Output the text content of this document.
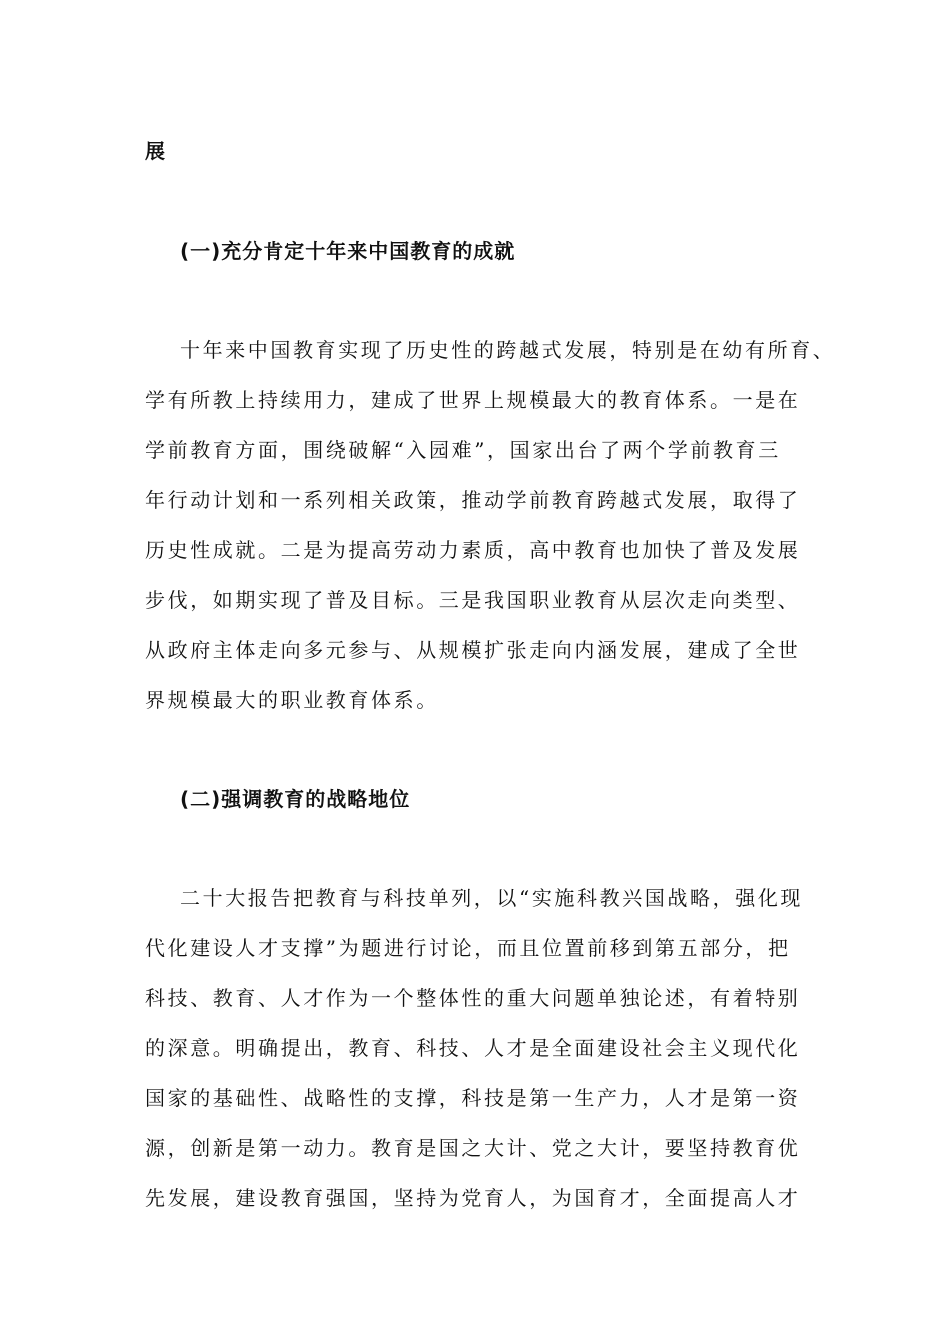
展
(一)充分肯定十年来中国教育的成就
十年来中国教育实现了历史性的跨越式发展，特别是在幼有所育、
学有所教上持续用力，建成了世界上规模最大的教育体系。一是在
学前教育方面，围绕破解“入园难”，国家出台了两个学前教育三
年行动计划和一系列相关政策，推动学前教育跨越式发展，取得了
历史性成就。二是为提高劳动力素质，高中教育也加快了普及发展
步伐，如期实现了普及目标。三是我国职业教育从层次走向类型、
从政府主体走向多元参与、从规模扩张走向内涵发展，建成了全世
界规模最大的职业教育体系。
(二)强调教育的战略地位
二十大报告把教育与科技单列，以“实施科教兴国战略，强化现
代化建设人才支撑”为题进行讨论，而且位置前移到第五部分，把
科技、教育、人才作为一个整体性的重大问题单独论述，有着特别
的深意。明确提出，教育、科技、人才是全面建设社会主义现代化
国家的基础性、战略性的支撑，科技是第一生产力，人才是第一资
源，创新是第一动力。教育是国之大计、党之大计，要坚持教育优
先发展，建设教育强国，坚持为党育人，为国育才，全面提高人才
